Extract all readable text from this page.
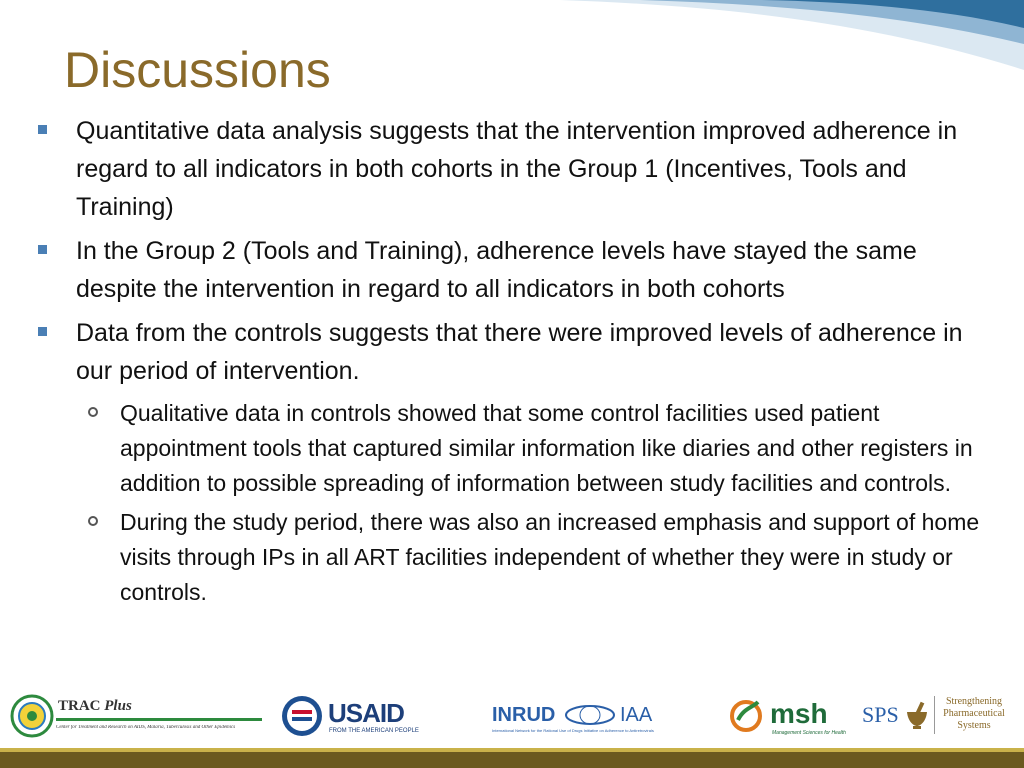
Discussions
Quantitative data analysis suggests that the intervention improved adherence in regard to all indicators in both cohorts in the Group 1 (Incentives, Tools and Training)
In the Group 2 (Tools and Training), adherence levels have stayed the same despite the intervention in regard to all indicators in both cohorts
Data from the controls suggests that there were improved levels of adherence in our period of intervention.
Qualitative data in controls showed that some control facilities used patient appointment tools that captured similar information like diaries and other registers in addition to possible spreading of information between study facilities and controls.
During the study period, there was also an increased emphasis and support of home visits through IPs in all ART facilities independent of whether they were in study or controls.
TRAC Plus
Center for Treatment and Research on AIDS, Malaria, Tuberculosis and Other Epidemics	USAID
FROM THE AMERICAN PEOPLE
INRUD	IAA
International Network for the Rational Use of Drugs Initiative on Adherence to Antiretrovirals
msh
Management Sciences for Health
SPS
Strengthening
Pharmaceutical
Systems
